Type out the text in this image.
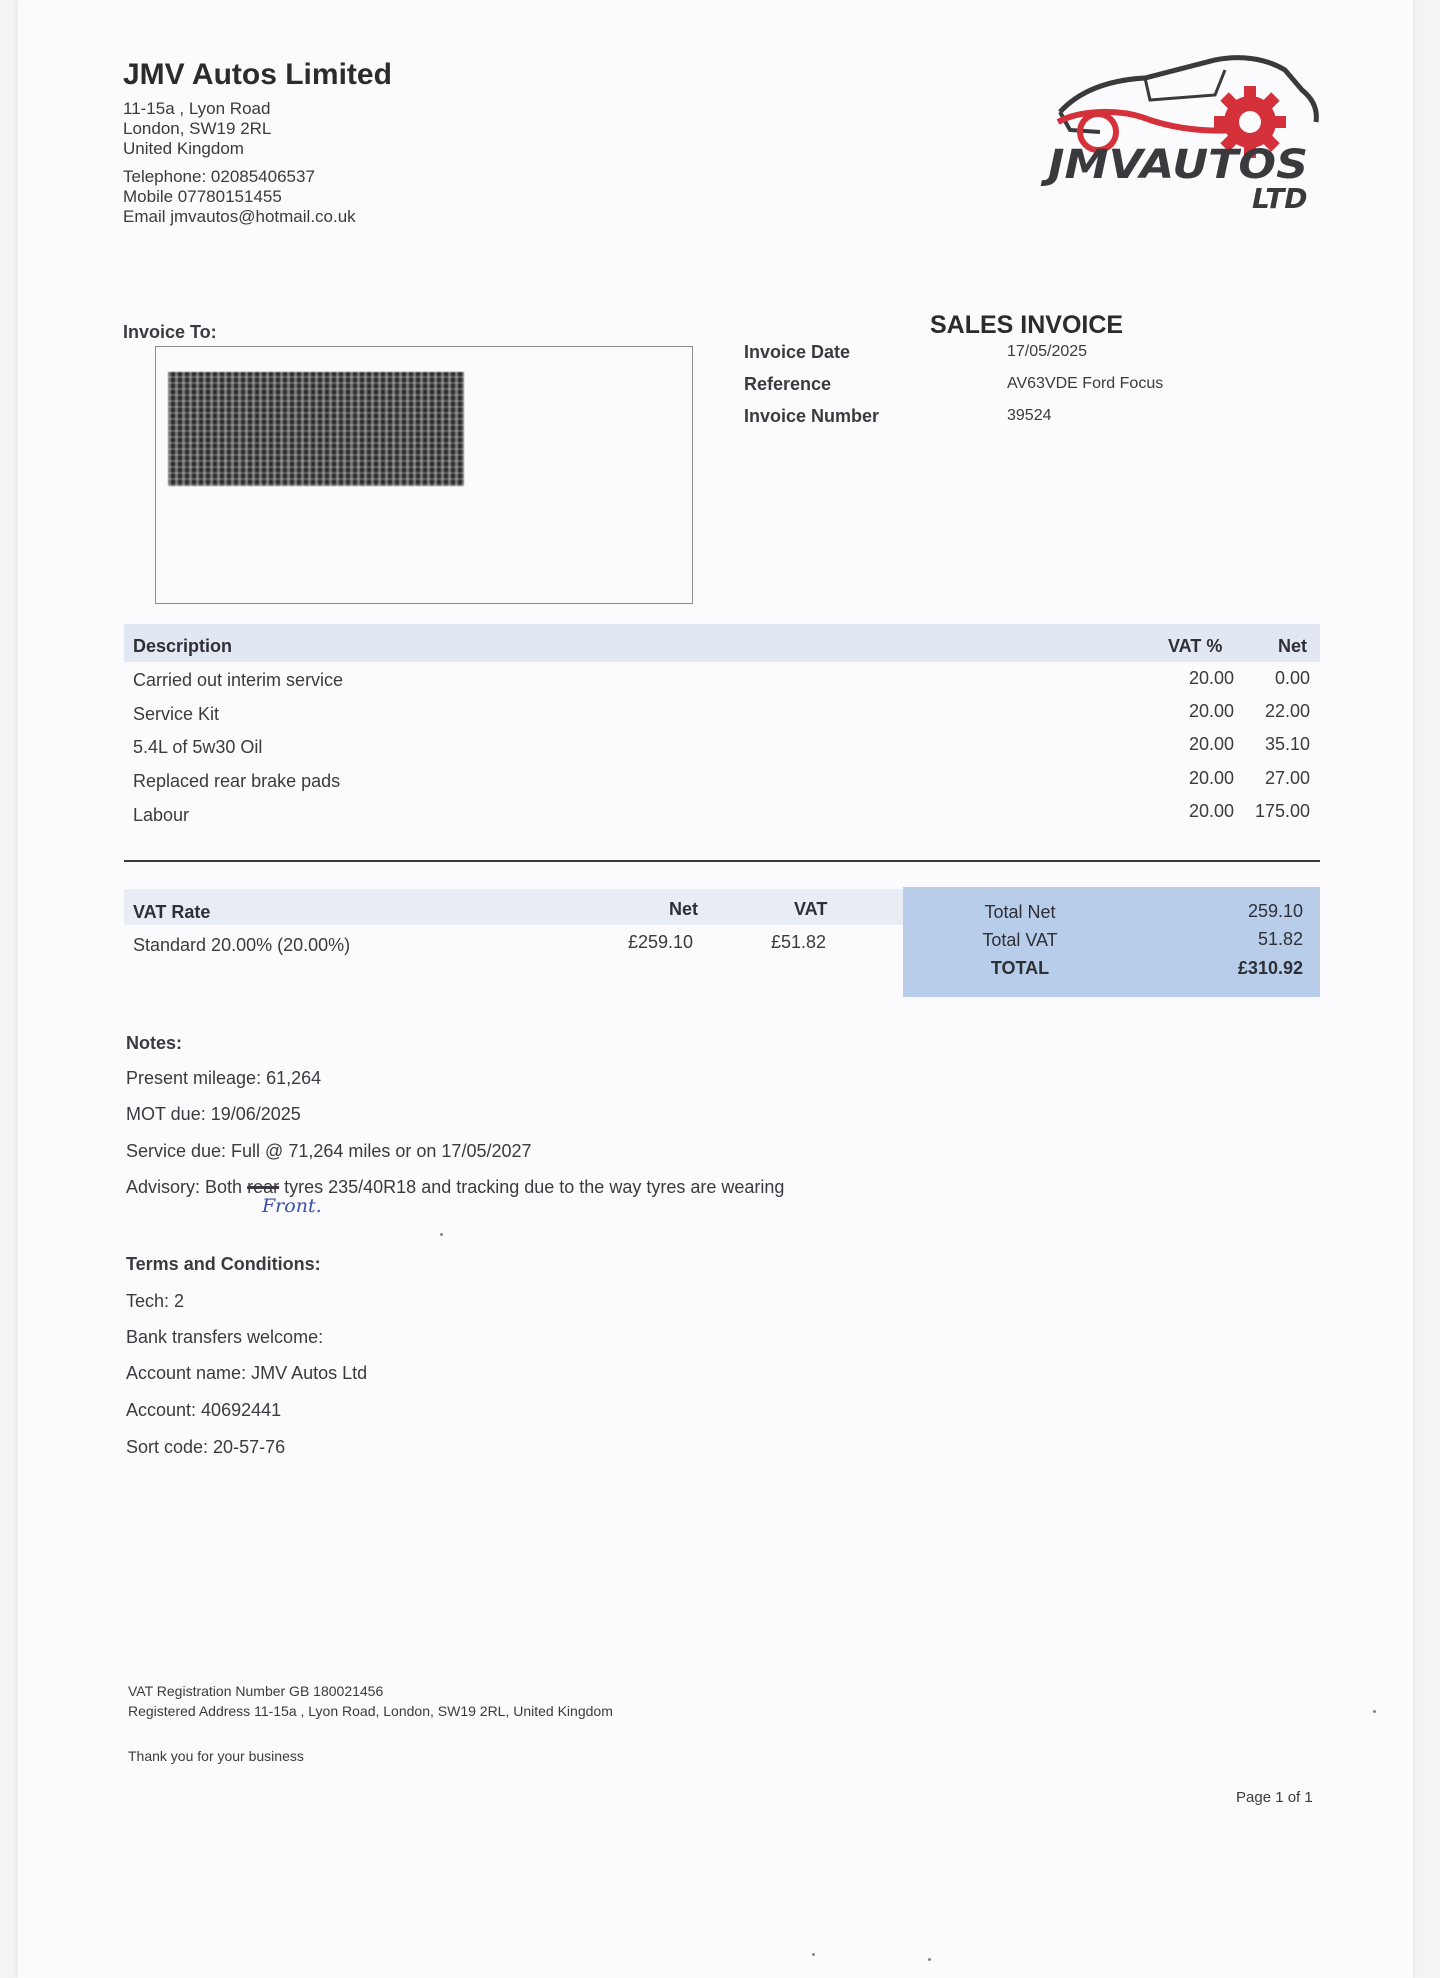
JMV Autos Limited
11-15a , Lyon Road
London, SW19 2RL
United Kingdom
Telephone: 02085406537
Mobile 07780151455
Email jmvautos@hotmail.co.uk
JMVAUTOS
LTD
Invoice To:	SALES INVOICE
Invoice Date	17/05/2025
Reference	AV63VDE Ford Focus
Invoice Number	39524
Description	VAT %	Net
Carried out interim service	20.00	0.00
Service Kit	20.00	22.00
5.4L of 5w30 Oil	20.00	35.10
Replaced rear brake pads	20.00	27.00
Labour	20.00	175.00
VAT Rate	Net	VAT
Standard 20.00% (20.00%)	£259.10	£51.82
Total Net	259.10
Total VAT	51.82
TOTAL	£310.92
Notes:
Present mileage: 61,264
MOT due: 19/06/2025
Service due: Full @ 71,264 miles or on 17/05/2027
Advisory: Both rear tyres 235/40R18 and tracking due to the way tyres are wearing
Front.
Terms and Conditions:
Tech: 2
Bank transfers welcome:
Account name: JMV Autos Ltd
Account: 40692441
Sort code: 20-57-76
VAT Registration Number GB 180021456
Registered Address 11-15a , Lyon Road, London, SW19 2RL, United Kingdom
Thank you for your business
Page 1 of 1
